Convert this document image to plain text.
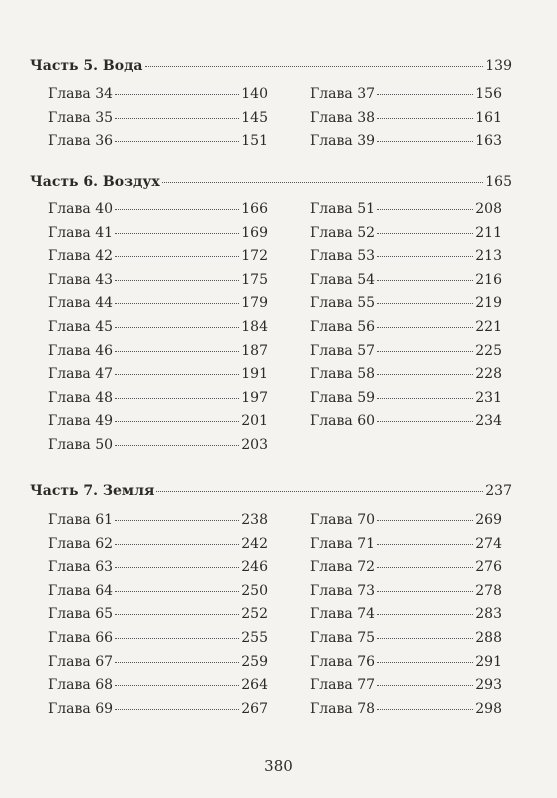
Часть 5. Вода	139
Глава 34	140
Глава 35	145
Глава 36	151
Глава 37	156
Глава 38	161
Глава 39	163
Часть 6. Воздух	165
Глава 40	166
Глава 41	169
Глава 42	172
Глава 43	175
Глава 44	179
Глава 45	184
Глава 46	187
Глава 47	191
Глава 48	197
Глава 49	201
Глава 50	203
Глава 51	208
Глава 52	211
Глава 53	213
Глава 54	216
Глава 55	219
Глава 56	221
Глава 57	225
Глава 58	228
Глава 59	231
Глава 60	234
Часть 7. Земля	237
Глава 61	238
Глава 62	242
Глава 63	246
Глава 64	250
Глава 65	252
Глава 66	255
Глава 67	259
Глава 68	264
Глава 69	267
Глава 70	269
Глава 71	274
Глава 72	276
Глава 73	278
Глава 74	283
Глава 75	288
Глава 76	291
Глава 77	293
Глава 78	298
380
